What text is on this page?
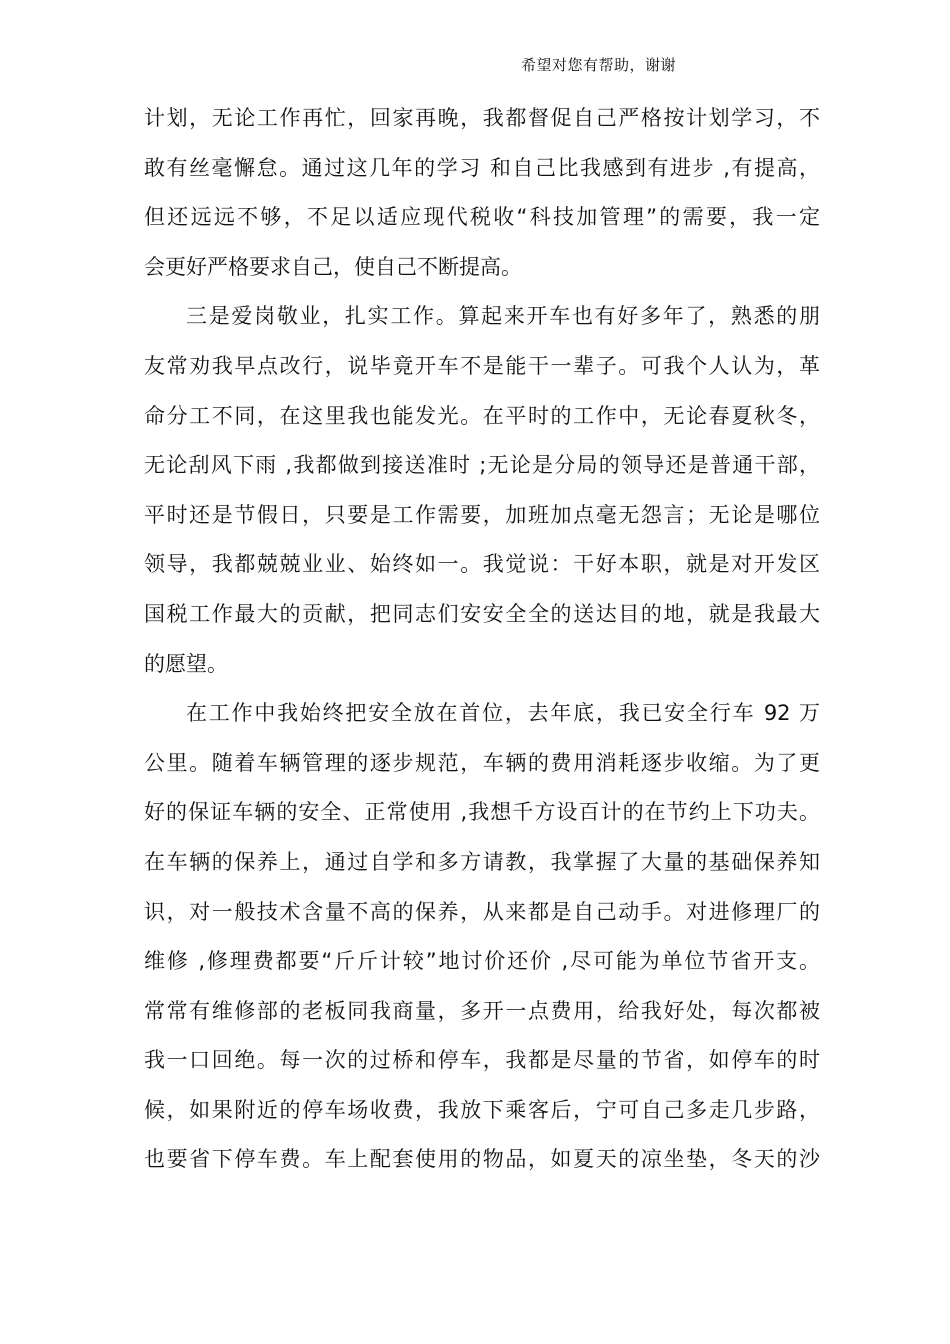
希望对您有帮助，谢谢
计划，无论工作再忙，回家再晚，我都督促自己严格按计划学习，不
敢有丝毫懈怠。通过这几年的学习 和自己比我感到有进步 ,有提高，
但还远远不够，不足以适应现代税收“科技加管理”的需要，我一定
会更好严格要求自己，使自己不断提高。
三是爱岗敬业，扎实工作。算起来开车也有好多年了，熟悉的朋
友常劝我早点改行，说毕竟开车不是能干一辈子。可我个人认为，革
命分工不同，在这里我也能发光。在平时的工作中，无论春夏秋冬，
无论刮风下雨 ,我都做到接送准时 ;无论是分局的领导还是普通干部，
平时还是节假日，只要是工作需要，加班加点毫无怨言；无论是哪位
领导，我都兢兢业业、始终如一。我觉说：干好本职，就是对开发区
国税工作最大的贡献，把同志们安安全全的送达目的地，就是我最大
的愿望。
在工作中我始终把安全放在首位，去年底，我已安全行车 92 万
公里。随着车辆管理的逐步规范，车辆的费用消耗逐步收缩。为了更
好的保证车辆的安全、正常使用 ,我想千方设百计的在节约上下功夫。
在车辆的保养上，通过自学和多方请教，我掌握了大量的基础保养知
识，对一般技术含量不高的保养，从来都是自己动手。对进修理厂的
维修 ,修理费都要“斤斤计较”地讨价还价 ,尽可能为单位节省开支。
常常有维修部的老板同我商量，多开一点费用，给我好处，每次都被
我一口回绝。每一次的过桥和停车，我都是尽量的节省，如停车的时
候，如果附近的停车场收费，我放下乘客后，宁可自己多走几步路，
也要省下停车费。车上配套使用的物品，如夏天的凉坐垫，冬天的沙
